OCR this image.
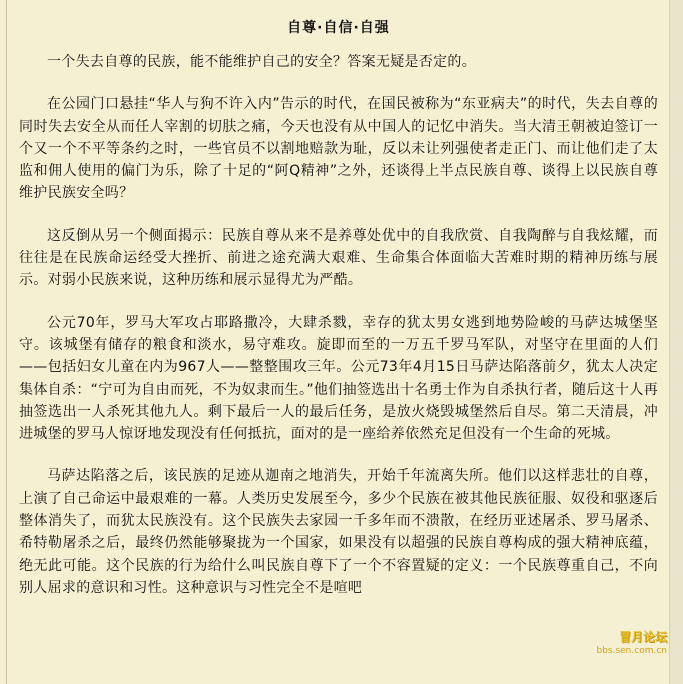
自尊·自信·自强

一个失去自尊的民族，能不能维护自己的安全？答案无疑是否定的。

在公园门口悬挂“华人与狗不许入内”告示的时代，在国民被称为“东亚病夫”的时代，失去自尊的同时失去安全从而任人宰割的切肤之痛，今天也没有从中国人的记忆中消失。当大清王朝被迫签订一个又一个不平等条约之时，一些官员不以割地赔款为耻，反以未让列强使者走正门、而让他们走了太监和佣人使用的偏门为乐，除了十足的“阿Q精神”之外，还谈得上半点民族自尊、谈得上以民族自尊维护民族安全吗？

这反倒从另一个侧面揭示：民族自尊从来不是养尊处优中的自我欣赏、自我陶醉与自我炫耀，而往往是在民族命运经受大挫折、前进之途充满大艰难、生命集合体面临大苦难时期的精神历练与展示。对弱小民族来说，这种历练和展示显得尤为严酷。

公元70年，罗马大军攻占耶路撒冷，大肆杀戮，幸存的犹太男女逃到地势险峻的马萨达城堡坚守。该城堡有储存的粮食和淡水，易守难攻。旋即而至的一万五千罗马军队，对坚守在里面的人们——包括妇女儿童在内为967人——整整围攻三年。公元73年4月15日马萨达陷落前夕，犹太人决定集体自杀：“宁可为自由而死，不为奴隶而生。”他们抽签选出十名勇士作为自杀执行者，随后这十人再抽签选出一人杀死其他九人。剩下最后一人的最后任务，是放火烧毁城堡然后自尽。第二天清晨，冲进城堡的罗马人惊讶地发现没有任何抵抗，面对的是一座给养依然充足但没有一个生命的死城。

马萨达陷落之后，该民族的足迹从迦南之地消失，开始千年流离失所。他们以这样悲壮的自尊，上演了自己命运中最艰难的一幕。人类历史发展至今，多少个民族在被其他民族征服、奴役和驱逐后整体消失了，而犹太民族没有。这个民族失去家园一千多年而不溃散，在经历亚述屠杀、罗马屠杀、希特勒屠杀之后，最终仍然能够聚拢为一个国家，如果没有以超强的民族自尊构成的强大精神底蕴，绝无此可能。这个民族的行为给什么叫民族自尊下了一个不容置疑的定义：一个民族尊重自己，不向别人屈求的意识和习性。这种意识与习性完全不是喧吧

冒月论坛
bbs.sen.com.cn
